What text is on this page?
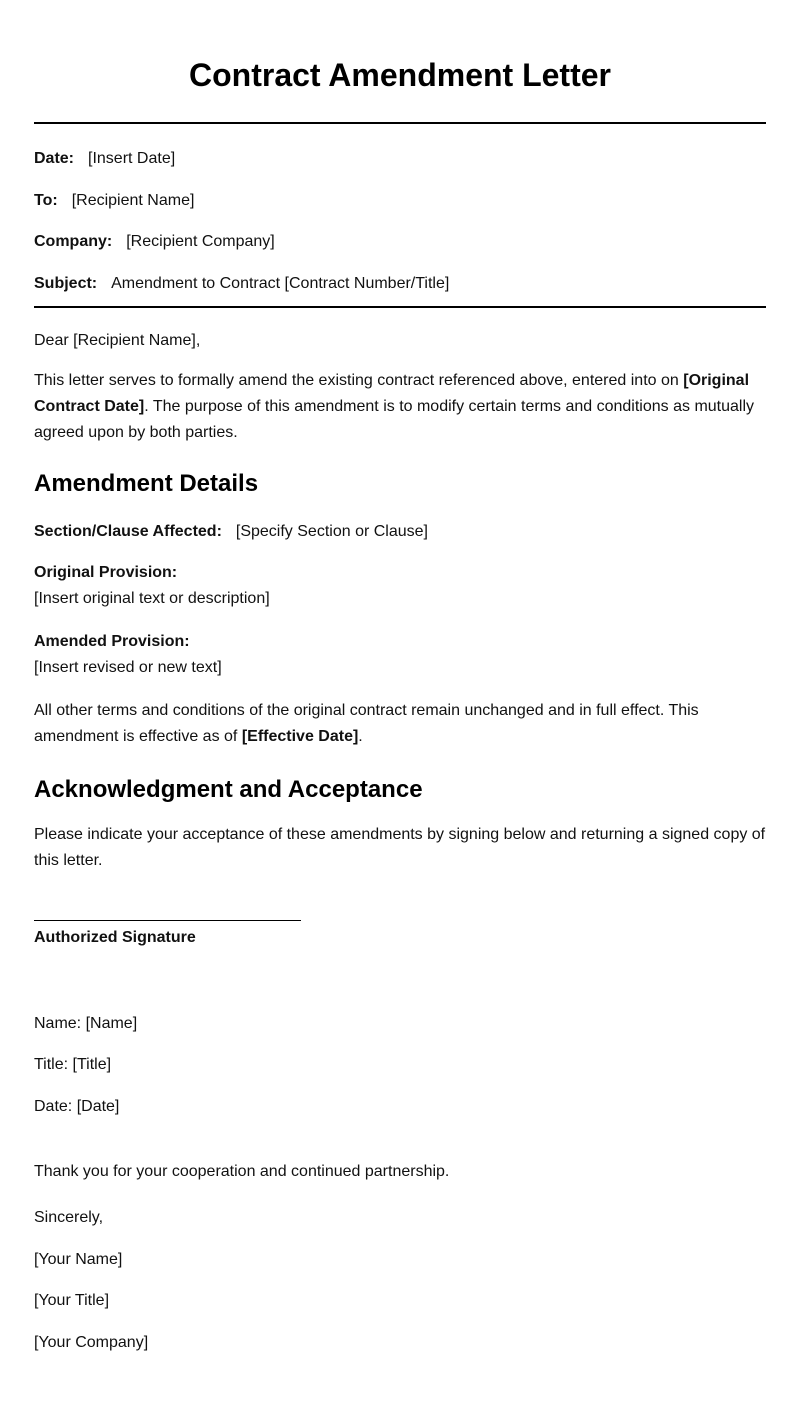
Contract Amendment Letter
Date: [Insert Date]
To: [Recipient Name]
Company: [Recipient Company]
Subject: Amendment to Contract [Contract Number/Title]

Dear [Recipient Name],

This letter serves to formally amend the existing contract referenced above, entered into on [Original Contract Date]. The purpose of this amendment is to modify certain terms and conditions as mutually agreed upon by both parties.

Amendment Details
Section/Clause Affected: [Specify Section or Clause]
Original Provision:
[Insert original text or description]
Amended Provision:
[Insert revised or new text]

All other terms and conditions of the original contract remain unchanged and in full effect. This amendment is effective as of [Effective Date].

Acknowledgment and Acceptance

Please indicate your acceptance of these amendments by signing below and returning a signed copy of this letter.

Authorized Signature

Name: [Name]

Title: [Title]

Date: [Date]

Thank you for your cooperation and continued partnership.

Sincerely,

[Your Name]

[Your Title]

[Your Company]
